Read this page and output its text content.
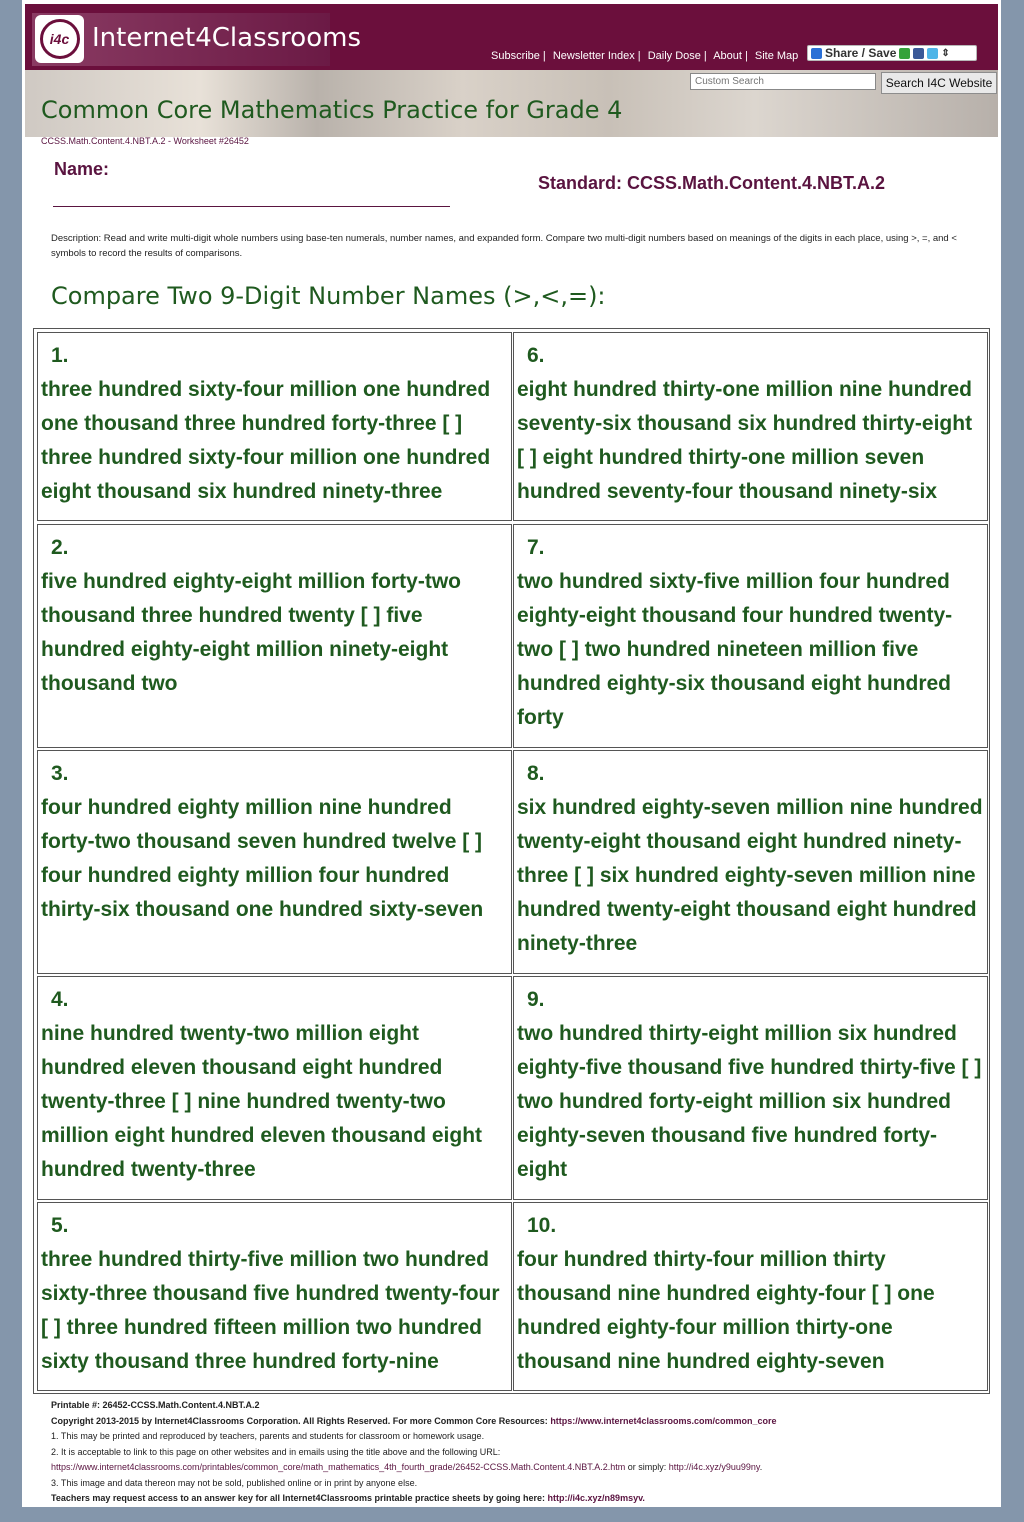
i4c Internet4Classrooms
Subscribe | Newsletter Index | Daily Dose | About | Site Map Share / Save	⇕
Custom Search
Search I4C Website
Common Core Mathematics Practice for Grade 4
CCSS.Math.Content.4.NBT.A.2 - Worksheet #26452
Name:
Standard: CCSS.Math.Content.4.NBT.A.2
Description: Read and write multi-digit whole numbers using base-ten numerals, number names, and expanded form. Compare two multi-digit numbers based on meanings of the digits in each place, using >, =, and < symbols to record the results of comparisons.
Compare Two 9-Digit Number Names (>,<,=):
1.
three hundred sixty-four million one hundred one thousand three hundred forty-three [ ] three hundred sixty-four million one hundred eight thousand six hundred ninety-three
2.
five hundred eighty-eight million forty-two thousand three hundred twenty [ ] five hundred eighty-eight million ninety-eight thousand two
3.
four hundred eighty million nine hundred forty-two thousand seven hundred twelve [ ] four hundred eighty million four hundred thirty-six thousand one hundred sixty-seven
4.
nine hundred twenty-two million eight hundred eleven thousand eight hundred twenty-three [ ] nine hundred twenty-two million eight hundred eleven thousand eight hundred twenty-three
5.
three hundred thirty-five million two hundred sixty-three thousand five hundred twenty-four [ ] three hundred fifteen million two hundred sixty thousand three hundred forty-nine
6.
eight hundred thirty-one million nine hundred seventy-six thousand six hundred thirty-eight [ ] eight hundred thirty-one million seven hundred seventy-four thousand ninety-six
7.
two hundred sixty-five million four hundred eighty-eight thousand four hundred twenty-two [ ] two hundred nineteen million five hundred eighty-six thousand eight hundred forty
8.
six hundred eighty-seven million nine hundred twenty-eight thousand eight hundred ninety-three [ ] six hundred eighty-seven million nine hundred twenty-eight thousand eight hundred ninety-three
9.
two hundred thirty-eight million six hundred eighty-five thousand five hundred thirty-five [ ] two hundred forty-eight million six hundred eighty-seven thousand five hundred forty-eight
10.
four hundred thirty-four million thirty thousand nine hundred eighty-four [ ] one hundred eighty-four million thirty-one thousand nine hundred eighty-seven
Printable #: 26452-CCSS.Math.Content.4.NBT.A.2
Copyright 2013-2015 by Internet4Classrooms Corporation. All Rights Reserved. For more Common Core Resources: https://www.internet4classrooms.com/common_core
1. This may be printed and reproduced by teachers, parents and students for classroom or homework usage.
2. It is acceptable to link to this page on other websites and in emails using the title above and the following URL:
https://www.internet4classrooms.com/printables/common_core/math_mathematics_4th_fourth_grade/26452-CCSS.Math.Content.4.NBT.A.2.htm or simply: http://i4c.xyz/y9uu99ny.
3. This image and data thereon may not be sold, published online or in print by anyone else.
Teachers may request access to an answer key for all Internet4Classrooms printable practice sheets by going here: http://i4c.xyz/n89msyv.
